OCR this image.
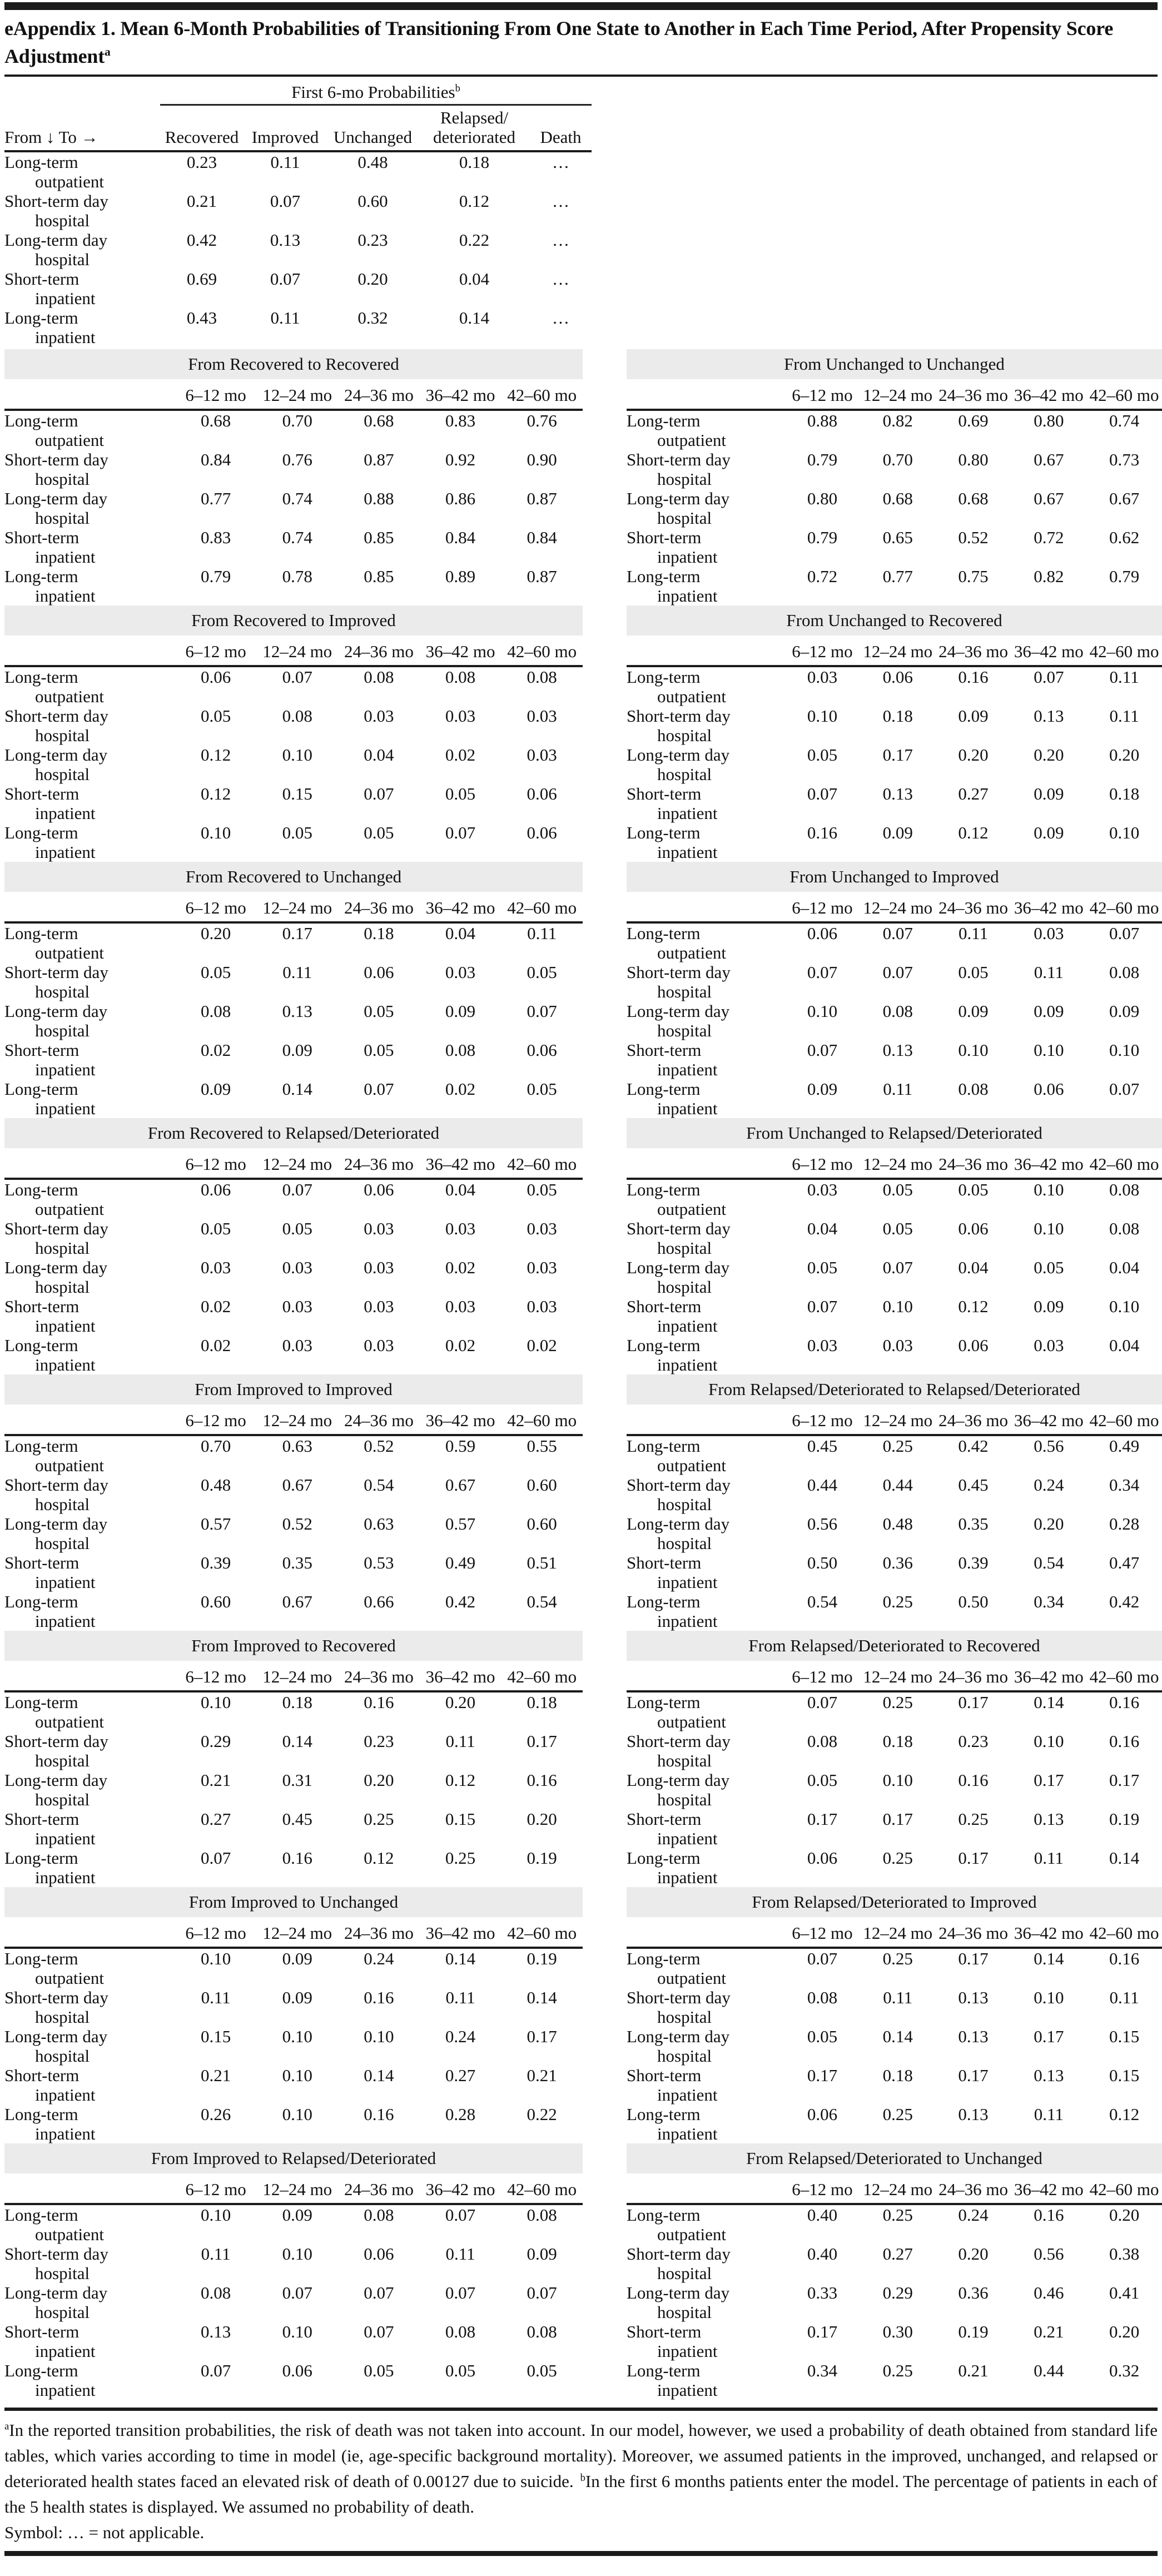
eAppendix 1. Mean 6-Month Probabilities of Transitioning From One State to Another in Each Time Period, After Propensity Score
Adjustment$^a$
	First 6-mo Probabilities$^b$
From ↓ To →	Recovered	Improved	Unchanged	Relapsed/
deteriorated	Death

Long-term
outpatient	0.23	0.11	0.48	0.18	…

Short-term day
hospital	0.21	0.07	0.60	0.12	…

Long-term day
hospital	0.42	0.13	0.23	0.22	…

Short-term
inpatient	0.69	0.07	0.20	0.04	…

Long-term
inpatient	0.43	0.11	0.32	0.14	…
From Recovered to Recovered
	6–12 mo	12–24 mo	24–36 mo	36–42 mo	42–60 mo

Long-term
outpatient	0.68	0.70	0.68	0.83	0.76

Short-term day
hospital	0.84	0.76	0.87	0.92	0.90

Long-term day
hospital	0.77	0.74	0.88	0.86	0.87

Short-term
inpatient	0.83	0.74	0.85	0.84	0.84

Long-term
inpatient	0.79	0.78	0.85	0.89	0.87
From Recovered to Improved
	6–12 mo	12–24 mo	24–36 mo	36–42 mo	42–60 mo

Long-term
outpatient	0.06	0.07	0.08	0.08	0.08

Short-term day
hospital	0.05	0.08	0.03	0.03	0.03

Long-term day
hospital	0.12	0.10	0.04	0.02	0.03

Short-term
inpatient	0.12	0.15	0.07	0.05	0.06

Long-term
inpatient	0.10	0.05	0.05	0.07	0.06
From Recovered to Unchanged
	6–12 mo	12–24 mo	24–36 mo	36–42 mo	42–60 mo

Long-term
outpatient	0.20	0.17	0.18	0.04	0.11

Short-term day
hospital	0.05	0.11	0.06	0.03	0.05

Long-term day
hospital	0.08	0.13	0.05	0.09	0.07

Short-term
inpatient	0.02	0.09	0.05	0.08	0.06

Long-term
inpatient	0.09	0.14	0.07	0.02	0.05
From Recovered to Relapsed/Deteriorated
	6–12 mo	12–24 mo	24–36 mo	36–42 mo	42–60 mo

Long-term
outpatient	0.06	0.07	0.06	0.04	0.05

Short-term day
hospital	0.05	0.05	0.03	0.03	0.03

Long-term day
hospital	0.03	0.03	0.03	0.02	0.03

Short-term
inpatient	0.02	0.03	0.03	0.03	0.03

Long-term
inpatient	0.02	0.03	0.03	0.02	0.02
From Improved to Improved
	6–12 mo	12–24 mo	24–36 mo	36–42 mo	42–60 mo

Long-term
outpatient	0.70	0.63	0.52	0.59	0.55

Short-term day
hospital	0.48	0.67	0.54	0.67	0.60

Long-term day
hospital	0.57	0.52	0.63	0.57	0.60

Short-term
inpatient	0.39	0.35	0.53	0.49	0.51

Long-term
inpatient	0.60	0.67	0.66	0.42	0.54
From Improved to Recovered
	6–12 mo	12–24 mo	24–36 mo	36–42 mo	42–60 mo

Long-term
outpatient	0.10	0.18	0.16	0.20	0.18

Short-term day
hospital	0.29	0.14	0.23	0.11	0.17

Long-term day
hospital	0.21	0.31	0.20	0.12	0.16

Short-term
inpatient	0.27	0.45	0.25	0.15	0.20

Long-term
inpatient	0.07	0.16	0.12	0.25	0.19
From Improved to Unchanged
	6–12 mo	12–24 mo	24–36 mo	36–42 mo	42–60 mo

Long-term
outpatient	0.10	0.09	0.24	0.14	0.19

Short-term day
hospital	0.11	0.09	0.16	0.11	0.14

Long-term day
hospital	0.15	0.10	0.10	0.24	0.17

Short-term
inpatient	0.21	0.10	0.14	0.27	0.21

Long-term
inpatient	0.26	0.10	0.16	0.28	0.22
From Improved to Relapsed/Deteriorated
	6–12 mo	12–24 mo	24–36 mo	36–42 mo	42–60 mo

Long-term
outpatient	0.10	0.09	0.08	0.07	0.08

Short-term day
hospital	0.11	0.10	0.06	0.11	0.09

Long-term day
hospital	0.08	0.07	0.07	0.07	0.07

Short-term
inpatient	0.13	0.10	0.07	0.08	0.08

Long-term
inpatient	0.07	0.06	0.05	0.05	0.05
From Unchanged to Unchanged
	6–12 mo	12–24 mo	24–36 mo	36–42 mo	42–60 mo

Long-term
outpatient	0.88	0.82	0.69	0.80	0.74

Short-term day
hospital	0.79	0.70	0.80	0.67	0.73

Long-term day
hospital	0.80	0.68	0.68	0.67	0.67

Short-term
inpatient	0.79	0.65	0.52	0.72	0.62

Long-term
inpatient	0.72	0.77	0.75	0.82	0.79
From Unchanged to Recovered
	6–12 mo	12–24 mo	24–36 mo	36–42 mo	42–60 mo

Long-term
outpatient	0.03	0.06	0.16	0.07	0.11

Short-term day
hospital	0.10	0.18	0.09	0.13	0.11

Long-term day
hospital	0.05	0.17	0.20	0.20	0.20

Short-term
inpatient	0.07	0.13	0.27	0.09	0.18

Long-term
inpatient	0.16	0.09	0.12	0.09	0.10
From Unchanged to Improved
	6–12 mo	12–24 mo	24–36 mo	36–42 mo	42–60 mo

Long-term
outpatient	0.06	0.07	0.11	0.03	0.07

Short-term day
hospital	0.07	0.07	0.05	0.11	0.08

Long-term day
hospital	0.10	0.08	0.09	0.09	0.09

Short-term
inpatient	0.07	0.13	0.10	0.10	0.10

Long-term
inpatient	0.09	0.11	0.08	0.06	0.07
From Unchanged to Relapsed/Deteriorated
	6–12 mo	12–24 mo	24–36 mo	36–42 mo	42–60 mo

Long-term
outpatient	0.03	0.05	0.05	0.10	0.08

Short-term day
hospital	0.04	0.05	0.06	0.10	0.08

Long-term day
hospital	0.05	0.07	0.04	0.05	0.04

Short-term
inpatient	0.07	0.10	0.12	0.09	0.10

Long-term
inpatient	0.03	0.03	0.06	0.03	0.04
From Relapsed/Deteriorated to Relapsed/Deteriorated
	6–12 mo	12–24 mo	24–36 mo	36–42 mo	42–60 mo

Long-term
outpatient	0.45	0.25	0.42	0.56	0.49

Short-term day
hospital	0.44	0.44	0.45	0.24	0.34

Long-term day
hospital	0.56	0.48	0.35	0.20	0.28

Short-term
inpatient	0.50	0.36	0.39	0.54	0.47

Long-term
inpatient	0.54	0.25	0.50	0.34	0.42
From Relapsed/Deteriorated to Recovered
	6–12 mo	12–24 mo	24–36 mo	36–42 mo	42–60 mo

Long-term
outpatient	0.07	0.25	0.17	0.14	0.16

Short-term day
hospital	0.08	0.18	0.23	0.10	0.16

Long-term day
hospital	0.05	0.10	0.16	0.17	0.17

Short-term
inpatient	0.17	0.17	0.25	0.13	0.19

Long-term
inpatient	0.06	0.25	0.17	0.11	0.14
From Relapsed/Deteriorated to Improved
	6–12 mo	12–24 mo	24–36 mo	36–42 mo	42–60 mo

Long-term
outpatient	0.07	0.25	0.17	0.14	0.16

Short-term day
hospital	0.08	0.11	0.13	0.10	0.11

Long-term day
hospital	0.05	0.14	0.13	0.17	0.15

Short-term
inpatient	0.17	0.18	0.17	0.13	0.15

Long-term
inpatient	0.06	0.25	0.13	0.11	0.12
From Relapsed/Deteriorated to Unchanged
	6–12 mo	12–24 mo	24–36 mo	36–42 mo	42–60 mo

Long-term
outpatient	0.40	0.25	0.24	0.16	0.20

Short-term day
hospital	0.40	0.27	0.20	0.56	0.38

Long-term day
hospital	0.33	0.29	0.36	0.46	0.41

Short-term
inpatient	0.17	0.30	0.19	0.21	0.20

Long-term
inpatient	0.34	0.25	0.21	0.44	0.32

$^a$In the reported transition probabilities, the risk of death was not taken into account. In our model, however, we used a probability of death obtained from standard life tables, which varies according to time in model (ie, age-specific background mortality). Moreover, we assumed patients in the improved, unchanged, and relapsed or deteriorated health states faced an elevated risk of death of 0.00127 due to suicide. $^b$In the first 6 months patients enter the model. The percentage of patients in each of the 5 health states is displayed. We assumed no probability of death.

Symbol: … = not applicable.
